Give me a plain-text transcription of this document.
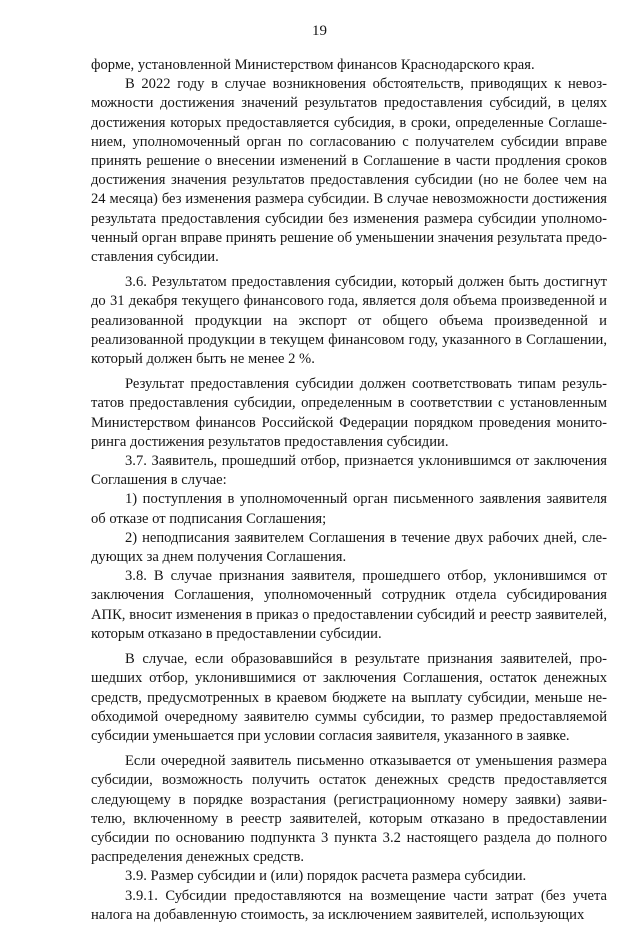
19

форме, установленной Министерством финансов Краснодарского края.

В 2022 году в случае возникновения обстоятельств, приводящих к невозможности достижения значений результатов предоставления субсидий, в целях достижения которых предоставляется субсидия, в сроки, определенные Соглашением, уполномоченный орган по согласованию с получателем субсидии вправе принять решение о внесении изменений в Соглашение в части продления сроков достижения значения результатов предоставления субсидии (но не более чем на 24 месяца) без изменения размера субсидии. В случае невозможности достижения результата предоставления субсидии без изменения размера субсидии уполномоченный орган вправе принять решение об уменьшении значения результата предоставления субсидии.

3.6. Результатом предоставления субсидии, который должен быть достигнут до 31 декабря текущего финансового года, является доля объема произведенной и реализованной продукции на экспорт от общего объема произведенной и реализованной продукции в текущем финансовом году, указанного в Соглашении, который должен быть не менее 2 %.

Результат предоставления субсидии должен соответствовать типам результатов предоставления субсидии, определенным в соответствии с установленным Министерством финансов Российской Федерации порядком проведения мониторинга достижения результатов предоставления субсидии.

3.7. Заявитель, прошедший отбор, признается уклонившимся от заключения Соглашения в случае:

1) поступления в уполномоченный орган письменного заявления заявителя об отказе от подписания Соглашения;

2) неподписания заявителем Соглашения в течение двух рабочих дней, следующих за днем получения Соглашения.

3.8. В случае признания заявителя, прошедшего отбор, уклонившимся от заключения Соглашения, уполномоченный сотрудник отдела субсидирования АПК, вносит изменения в приказ о предоставлении субсидий и реестр заявителей, которым отказано в предоставлении субсидии.

В случае, если образовавшийся в результате признания заявителей, прошедших отбор, уклонившимися от заключения Соглашения, остаток денежных средств, предусмотренных в краевом бюджете на выплату субсидии, меньше необходимой очередному заявителю суммы субсидии, то размер предоставляемой субсидии уменьшается при условии согласия заявителя, указанного в заявке.

Если очередной заявитель письменно отказывается от уменьшения размера субсидии, возможность получить остаток денежных средств предоставляется следующему в порядке возрастания (регистрационному номеру заявки) заявителю, включенному в реестр заявителей, которым отказано в предоставлении субсидии по основанию подпункта 3 пункта 3.2 настоящего раздела до полного распределения денежных средств.

3.9. Размер субсидии и (или) порядок расчета размера субсидии.

3.9.1. Субсидии предоставляются на возмещение части затрат (без учета налога на добавленную стоимость, за исключением заявителей, использующих
